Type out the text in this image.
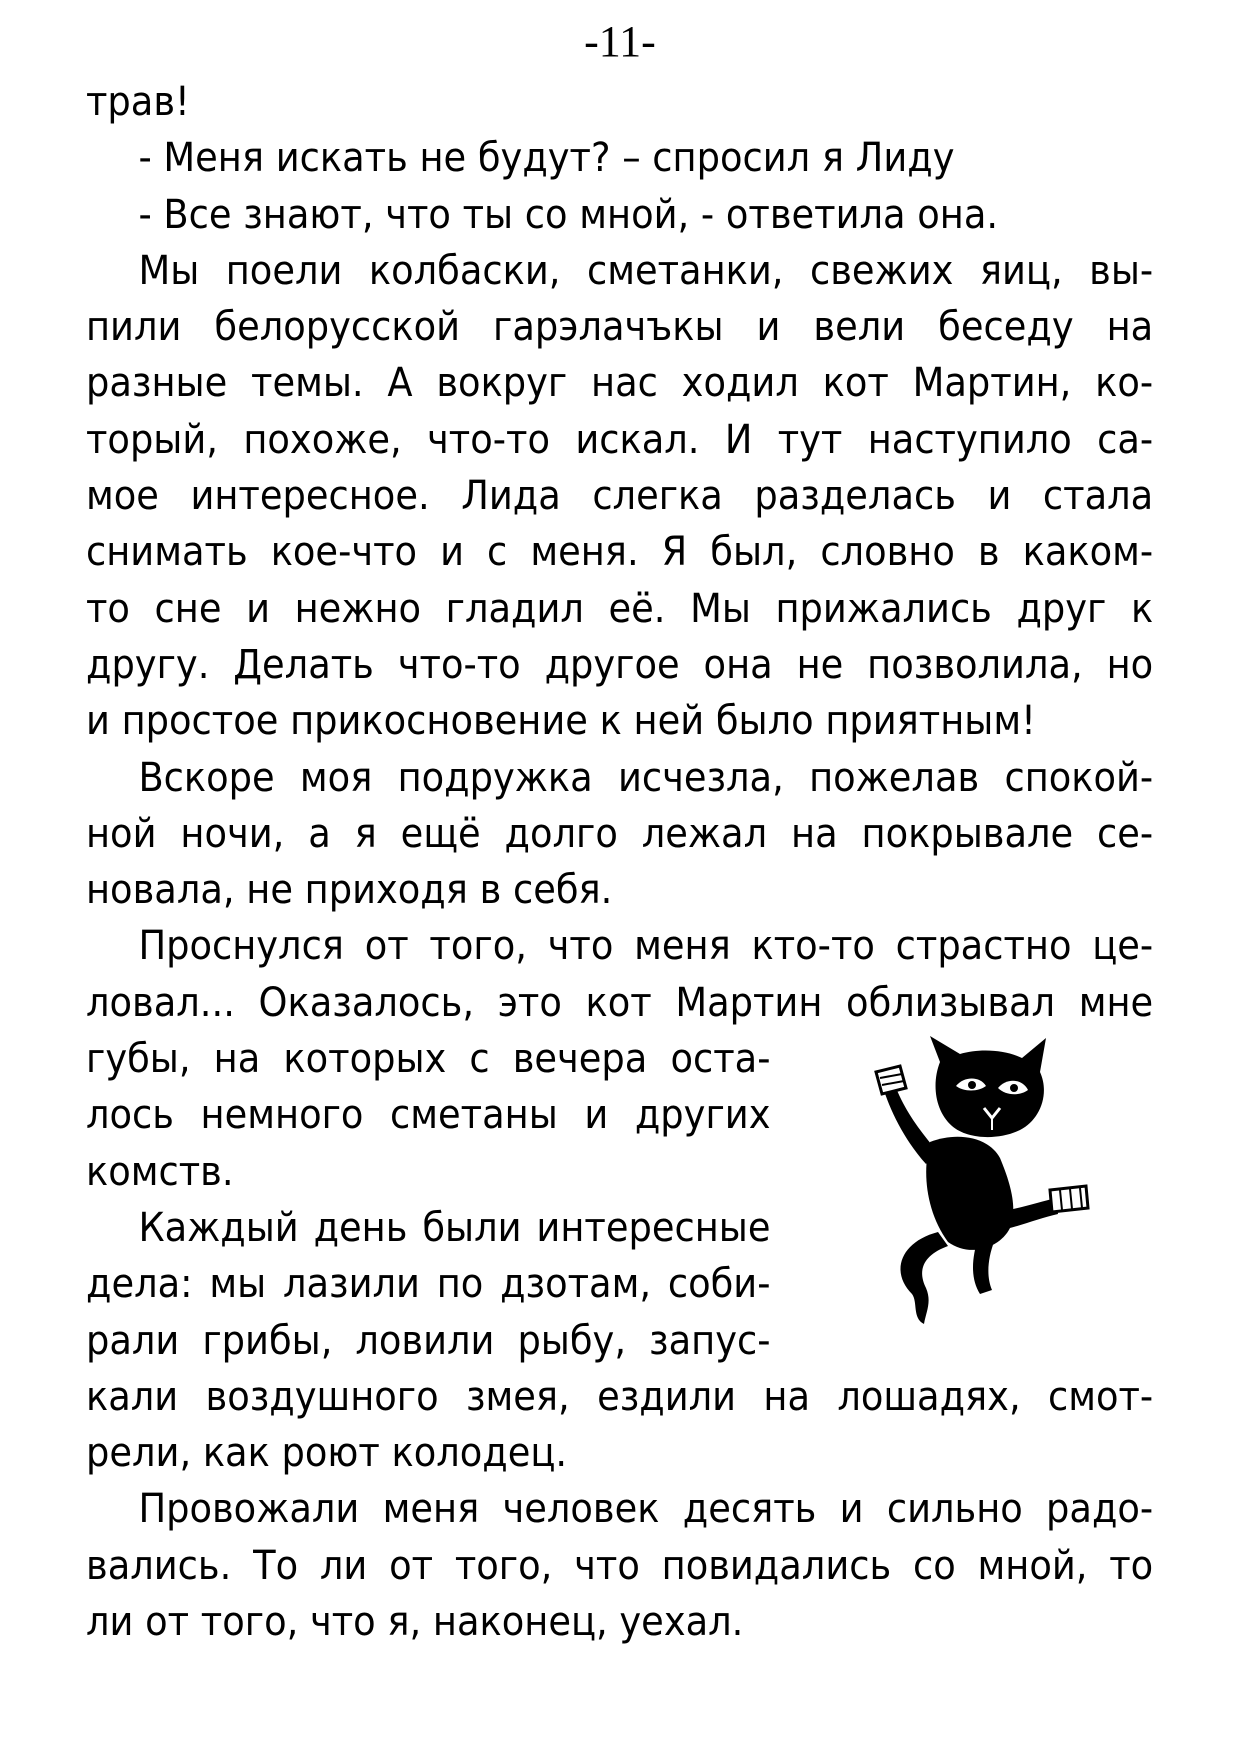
-11-
трав!
- Меня искать не будут? – спросил я Лиду
- Все знают, что ты со мной, - ответила она.
Мы поели колбаски, сметанки, свежих яиц, вы-
пили белорусской гарэлачъкы и вели беседу на
разные темы. А вокруг нас ходил кот Мартин, ко-
торый, похоже, что-то искал. И тут наступило са-
мое интересное. Лида слегка разделась и стала
снимать кое-что и с меня. Я был, словно в каком-
то сне и нежно гладил её. Мы прижались друг к
другу. Делать что-то другое она не позволила, но
и простое прикосновение к ней было приятным!
Вскоре моя подружка исчезла, пожелав спокой-
ной ночи, а я ещё долго лежал на покрывале се-
новала, не приходя в себя.
Проснулся от того, что меня кто-то страстно це-
ловал... Оказалось, это кот Мартин облизывал мне
губы, на которых с вечера оста-
лось немного сметаны и других
комств.
Каждый день были интересные
дела: мы лазили по дзотам, соби-
рали грибы, ловили рыбу, запус-
кали воздушного змея, ездили на лошадях, смот-
рели, как роют колодец.
Провожали меня человек десять и сильно радо-
вались. То ли от того, что повидались со мной, то
ли от того, что я, наконец, уехал.
